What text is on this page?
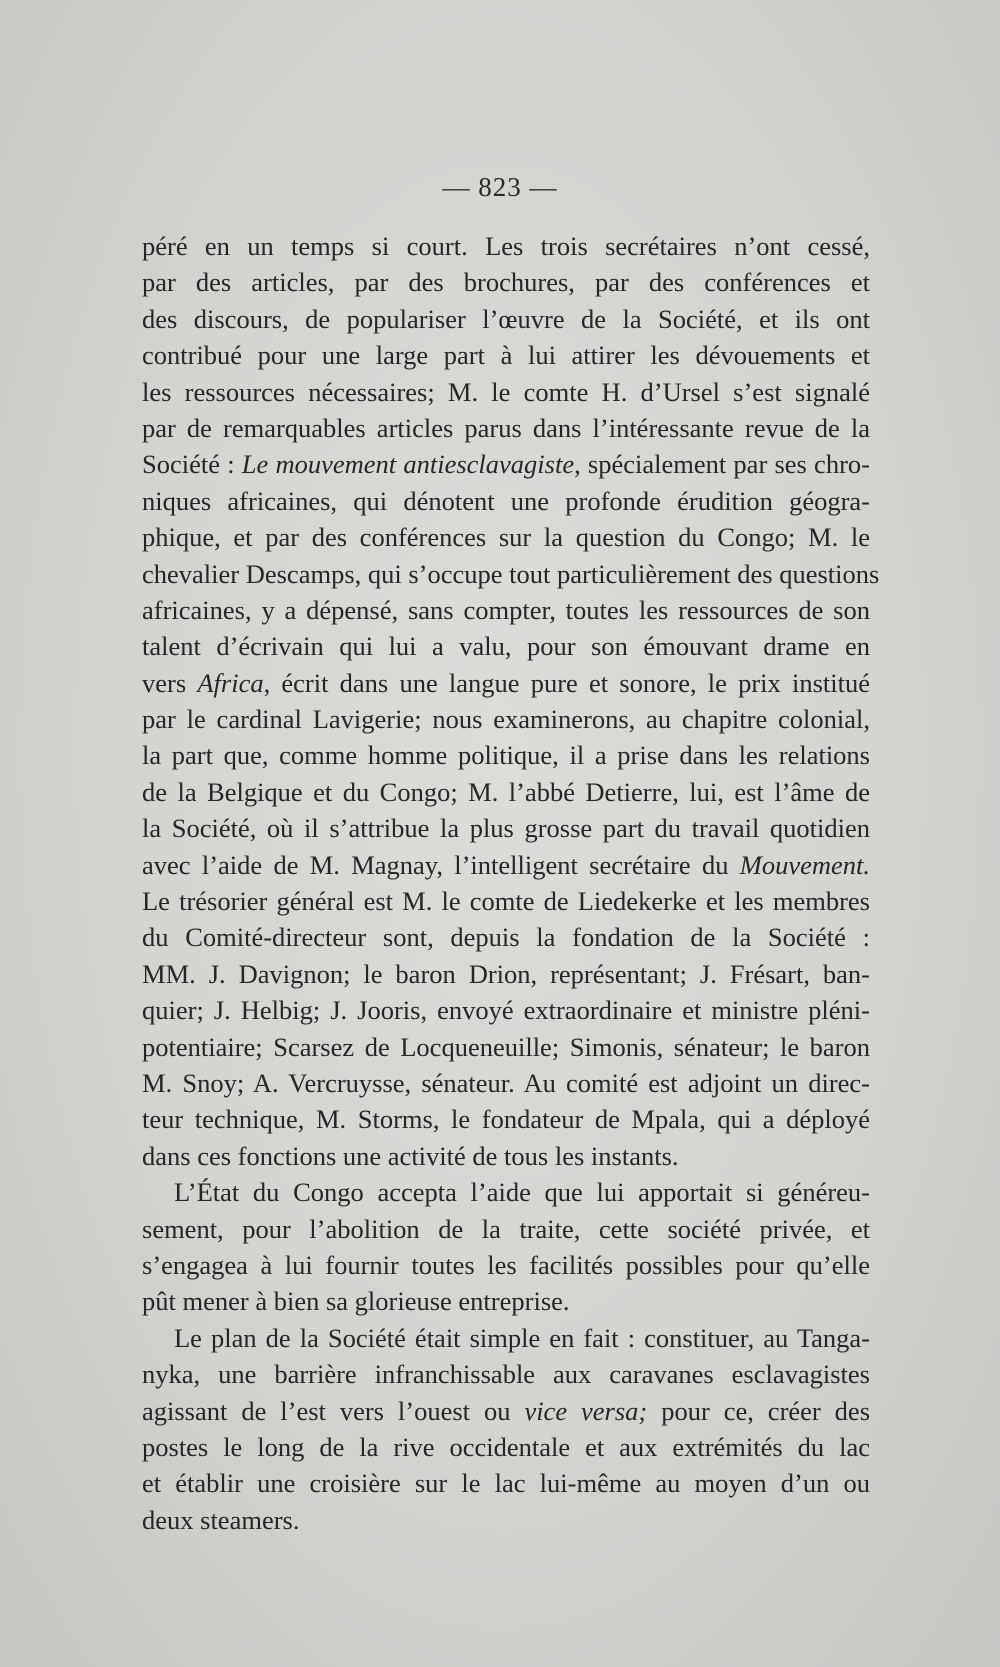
— 823 —
péré en un temps si court. Les trois secrétaires n’ont cessé,
par des articles, par des brochures, par des conférences et
des discours, de populariser l’œuvre de la Société, et ils ont
contribué pour une large part à lui attirer les dévouements et
les ressources nécessaires; M. le comte H. d’Ursel s’est signalé
par de remarquables articles parus dans l’intéressante revue de la
Société : Le mouvement antiesclavagiste, spécialement par ses chro-
niques africaines, qui dénotent une profonde érudition géogra-
phique, et par des conférences sur la question du Congo; M. le
chevalier Descamps, qui s’occupe tout particulièrement des questions
africaines, y a dépensé, sans compter, toutes les ressources de son
talent d’écrivain qui lui a valu, pour son émouvant drame en
vers Africa, écrit dans une langue pure et sonore, le prix institué
par le cardinal Lavigerie; nous examinerons, au chapitre colonial,
la part que, comme homme politique, il a prise dans les relations
de la Belgique et du Congo; M. l’abbé Detierre, lui, est l’âme de
la Société, où il s’attribue la plus grosse part du travail quotidien
avec l’aide de M. Magnay, l’intelligent secrétaire du Mouvement.
Le trésorier général est M. le comte de Liedekerke et les membres
du Comité-directeur sont, depuis la fondation de la Société :
MM. J. Davignon; le baron Drion, représentant; J. Frésart, ban-
quier; J. Helbig; J. Jooris, envoyé extraordinaire et ministre pléni-
potentiaire; Scarsez de Locqueneuille; Simonis, sénateur; le baron
M. Snoy; A. Vercruysse, sénateur. Au comité est adjoint un direc-
teur technique, M. Storms, le fondateur de Mpala, qui a déployé
dans ces fonctions une activité de tous les instants.
L’État du Congo accepta l’aide que lui apportait si généreu-
sement, pour l’abolition de la traite, cette société privée, et
s’engagea à lui fournir toutes les facilités possibles pour qu’elle
pût mener à bien sa glorieuse entreprise.
Le plan de la Société était simple en fait : constituer, au Tanga-
nyka, une barrière infranchissable aux caravanes esclavagistes
agissant de l’est vers l’ouest ou vice versa; pour ce, créer des
postes le long de la rive occidentale et aux extrémités du lac
et établir une croisière sur le lac lui-même au moyen d’un ou
deux steamers.
